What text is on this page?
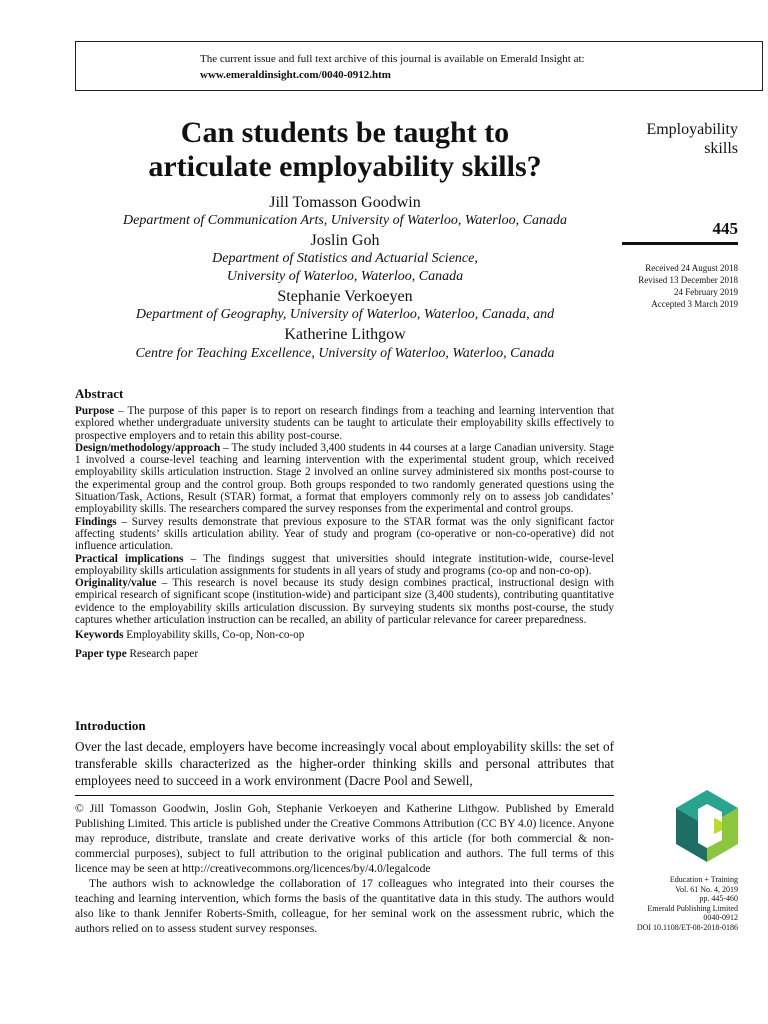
The current issue and full text archive of this journal is available on Emerald Insight at:
www.emeraldinsight.com/0040-0912.htm
Can students be taught to
articulate employability skills?
Jill Tomasson Goodwin
Department of Communication Arts, University of Waterloo, Waterloo, Canada
Joslin Goh
Department of Statistics and Actuarial Science,
University of Waterloo, Waterloo, Canada
Stephanie Verkoeyen
Department of Geography, University of Waterloo, Waterloo, Canada, and
Katherine Lithgow
Centre for Teaching Excellence, University of Waterloo, Waterloo, Canada
Employability
skills
445
Received 24 August 2018
Revised 13 December 2018
24 February 2019
Accepted 3 March 2019
Abstract
Purpose – The purpose of this paper is to report on research findings from a teaching and learning intervention that explored whether undergraduate university students can be taught to articulate their employability skills effectively to prospective employers and to retain this ability post-course.
Design/methodology/approach – The study included 3,400 students in 44 courses at a large Canadian university. Stage 1 involved a course-level teaching and learning intervention with the experimental student group, which received employability skills articulation instruction. Stage 2 involved an online survey administered six months post-course to the experimental group and the control group. Both groups responded to two randomly generated questions using the Situation/Task, Actions, Result (STAR) format, a format that employers commonly rely on to assess job candidates’ employability skills. The researchers compared the survey responses from the experimental and control groups.
Findings – Survey results demonstrate that previous exposure to the STAR format was the only significant factor affecting students’ skills articulation ability. Year of study and program (co-operative or non-co-operative) did not influence articulation.
Practical implications – The findings suggest that universities should integrate institution-wide, course-level employability skills articulation assignments for students in all years of study and programs (co-op and non-co-op).
Originality/value – This research is novel because its study design combines practical, instructional design with empirical research of significant scope (institution-wide) and participant size (3,400 students), contributing quantitative evidence to the employability skills articulation discussion. By surveying students six months post-course, the study captures whether articulation instruction can be recalled, an ability of particular relevance for career preparedness.
Keywords Employability skills, Co-op, Non-co-op
Paper type Research paper
Introduction
Over the last decade, employers have become increasingly vocal about employability skills: the set of transferable skills characterized as the higher-order thinking skills and personal attributes that employees need to succeed in a work environment (Dacre Pool and Sewell,
© Jill Tomasson Goodwin, Joslin Goh, Stephanie Verkoeyen and Katherine Lithgow. Published by Emerald Publishing Limited. This article is published under the Creative Commons Attribution (CC BY 4.0) licence. Anyone may reproduce, distribute, translate and create derivative works of this article (for both commercial & non-commercial purposes), subject to full attribution to the original publication and authors. The full terms of this licence may be seen at http://creativecommons.org/licences/by/4.0/legalcode
The authors wish to acknowledge the collaboration of 17 colleagues who integrated into their courses the teaching and learning intervention, which forms the basis of the quantitative data in this study. The authors would also like to thank Jennifer Roberts-Smith, colleague, for her seminal work on the assessment rubric, which the authors relied on to assess student survey responses.
Education + Training
Vol. 61 No. 4, 2019
pp. 445-460
Emerald Publishing Limited
0040-0912
DOI 10.1108/ET-08-2018-0186
